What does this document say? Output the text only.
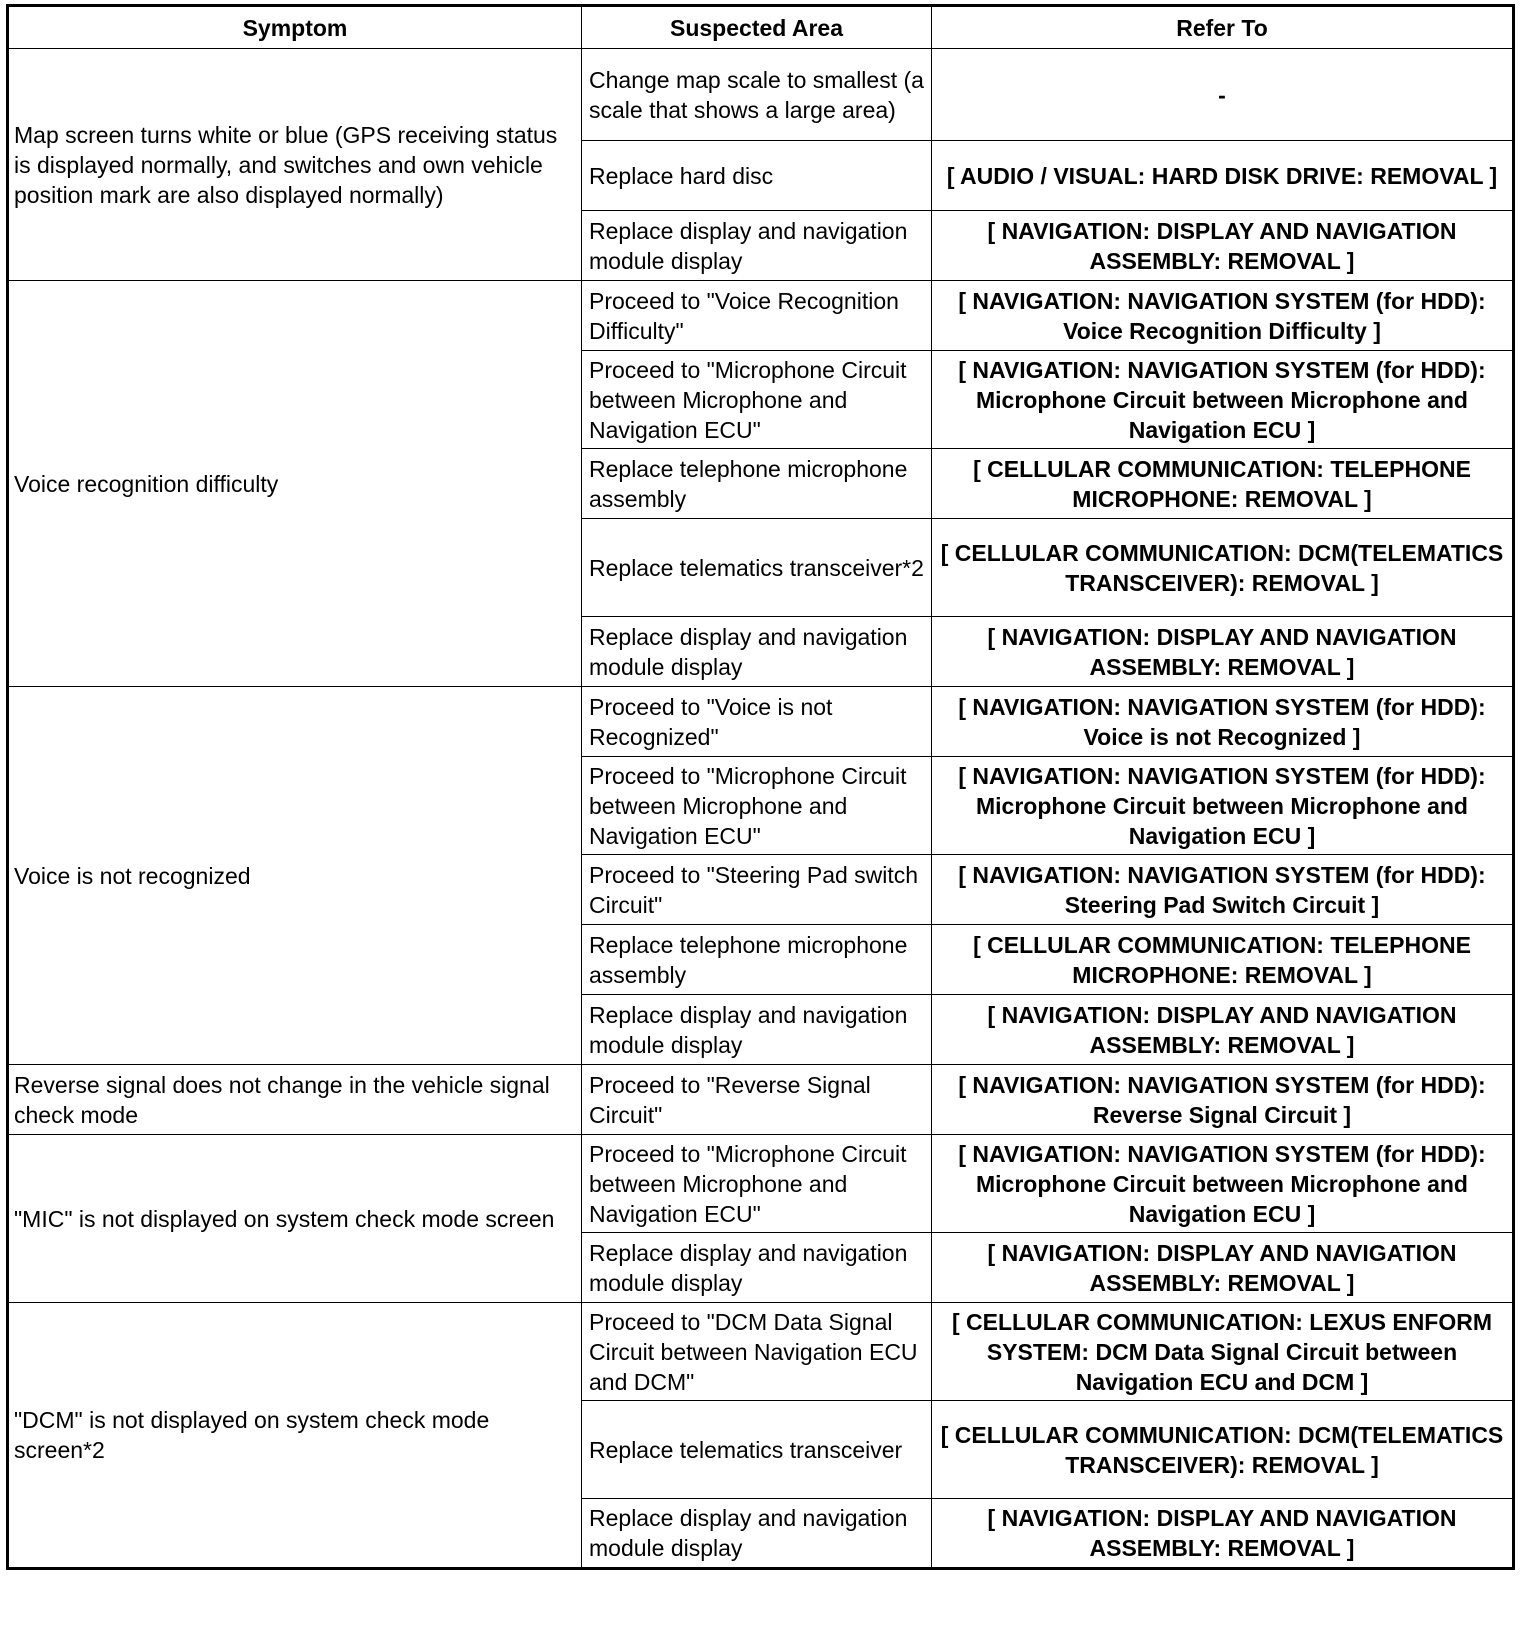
Symptom	Suspected Area	Refer To
Map screen turns white or blue (GPS receiving status is displayed normally, and switches and own vehicle position mark are also displayed normally)	Change map scale to smallest (a scale that shows a large area)	-
	Replace hard disc	[ AUDIO / VISUAL: HARD DISK DRIVE: REMOVAL ]
	Replace display and navigation module display	[ NAVIGATION: DISPLAY AND NAVIGATION ASSEMBLY: REMOVAL ]
Voice recognition difficulty	Proceed to "Voice Recognition Difficulty"	[ NAVIGATION: NAVIGATION SYSTEM (for HDD): Voice Recognition Difficulty ]
	Proceed to "Microphone Circuit between Microphone and Navigation ECU"	[ NAVIGATION: NAVIGATION SYSTEM (for HDD): Microphone Circuit between Microphone and Navigation ECU ]
	Replace telephone microphone assembly	[ CELLULAR COMMUNICATION: TELEPHONE MICROPHONE: REMOVAL ]
	Replace telematics transceiver*2	[ CELLULAR COMMUNICATION: DCM(TELEMATICS TRANSCEIVER): REMOVAL ]
	Replace display and navigation module display	[ NAVIGATION: DISPLAY AND NAVIGATION ASSEMBLY: REMOVAL ]
Voice is not recognized	Proceed to "Voice is not Recognized"	[ NAVIGATION: NAVIGATION SYSTEM (for HDD): Voice is not Recognized ]
	Proceed to "Microphone Circuit between Microphone and Navigation ECU"	[ NAVIGATION: NAVIGATION SYSTEM (for HDD): Microphone Circuit between Microphone and Navigation ECU ]
	Proceed to "Steering Pad switch Circuit"	[ NAVIGATION: NAVIGATION SYSTEM (for HDD): Steering Pad Switch Circuit ]
	Replace telephone microphone assembly	[ CELLULAR COMMUNICATION: TELEPHONE MICROPHONE: REMOVAL ]
	Replace display and navigation module display	[ NAVIGATION: DISPLAY AND NAVIGATION ASSEMBLY: REMOVAL ]
Reverse signal does not change in the vehicle signal check mode	Proceed to "Reverse Signal Circuit"	[ NAVIGATION: NAVIGATION SYSTEM (for HDD): Reverse Signal Circuit ]
"MIC" is not displayed on system check mode screen	Proceed to "Microphone Circuit between Microphone and Navigation ECU"	[ NAVIGATION: NAVIGATION SYSTEM (for HDD): Microphone Circuit between Microphone and Navigation ECU ]
	Replace display and navigation module display	[ NAVIGATION: DISPLAY AND NAVIGATION ASSEMBLY: REMOVAL ]
"DCM" is not displayed on system check mode screen*2	Proceed to "DCM Data Signal Circuit between Navigation ECU and DCM"	[ CELLULAR COMMUNICATION: LEXUS ENFORM SYSTEM: DCM Data Signal Circuit between Navigation ECU and DCM ]
	Replace telematics transceiver	[ CELLULAR COMMUNICATION: DCM(TELEMATICS TRANSCEIVER): REMOVAL ]
	Replace display and navigation module display	[ NAVIGATION: DISPLAY AND NAVIGATION ASSEMBLY: REMOVAL ]
